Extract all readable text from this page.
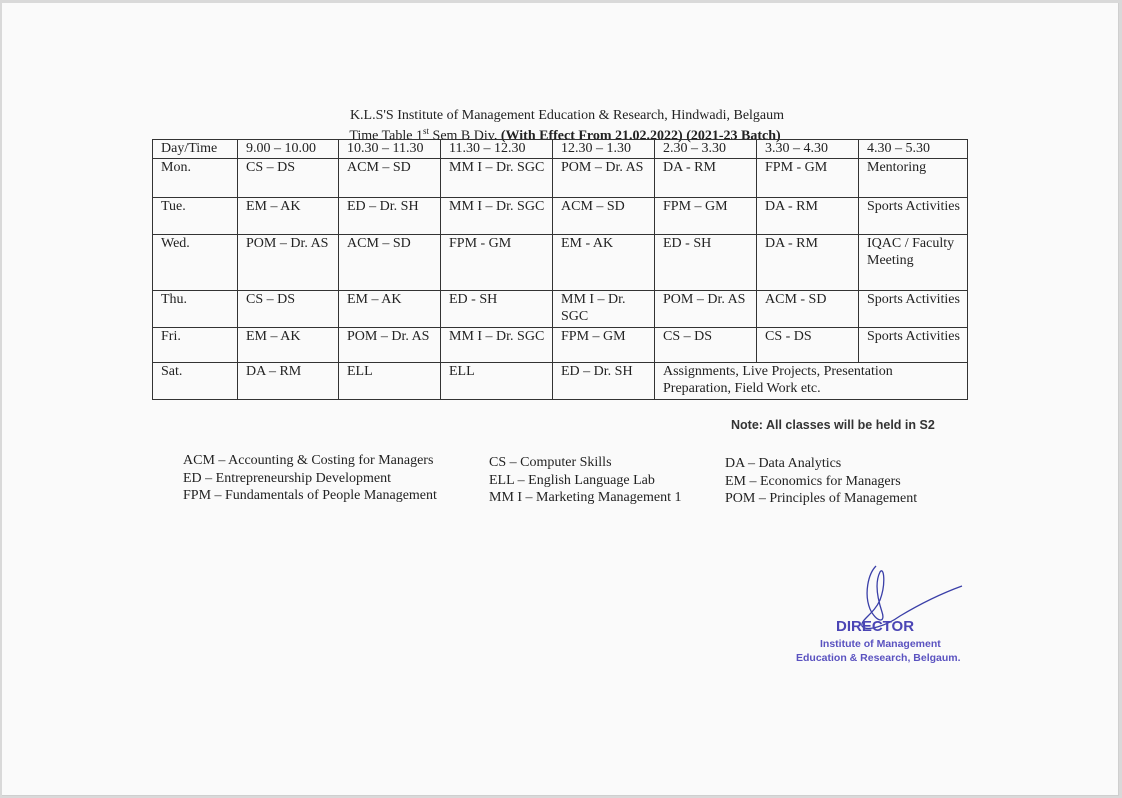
K.L.S'S Institute of Management Education & Research, Hindwadi, Belgaum
Time Table 1st Sem B Div. (With Effect From 21.02.2022) (2021-23 Batch)
Day/Time	9.00 – 10.00	10.30 – 11.30	11.30 – 12.30	12.30 – 1.30	2.30 – 3.30	3.30 – 4.30	4.30 – 5.30
Mon.	CS – DS	ACM – SD	MM I – Dr. SGC	POM – Dr. AS	DA - RM	FPM - GM	Mentoring
Tue.	EM – AK	ED – Dr. SH	MM I – Dr. SGC	ACM – SD	FPM – GM	DA - RM	Sports Activities
Wed.	POM – Dr. AS	ACM – SD	FPM - GM	EM - AK	ED - SH	DA - RM	IQAC / Faculty Meeting
Thu.	CS – DS	EM – AK	ED - SH	MM I – Dr. SGC	POM – Dr. AS	ACM - SD	Sports Activities
Fri.	EM – AK	POM – Dr. AS	MM I – Dr. SGC	FPM – GM	CS – DS	CS - DS	Sports Activities
Sat.	DA – RM	ELL	ELL	ED – Dr. SH	Assignments, Live Projects, Presentation Preparation, Field Work etc.		
Note: All classes will be held in S2
ACM – Accounting & Costing for Managers
ED – Entrepreneurship Development
FPM – Fundamentals of People Management
CS – Computer Skills
ELL – English Language Lab
MM I – Marketing Management 1
DA – Data Analytics
EM – Economics for Managers
POM – Principles of Management
DIRECTOR
Institute of Management
Education & Research, Belgaum.
